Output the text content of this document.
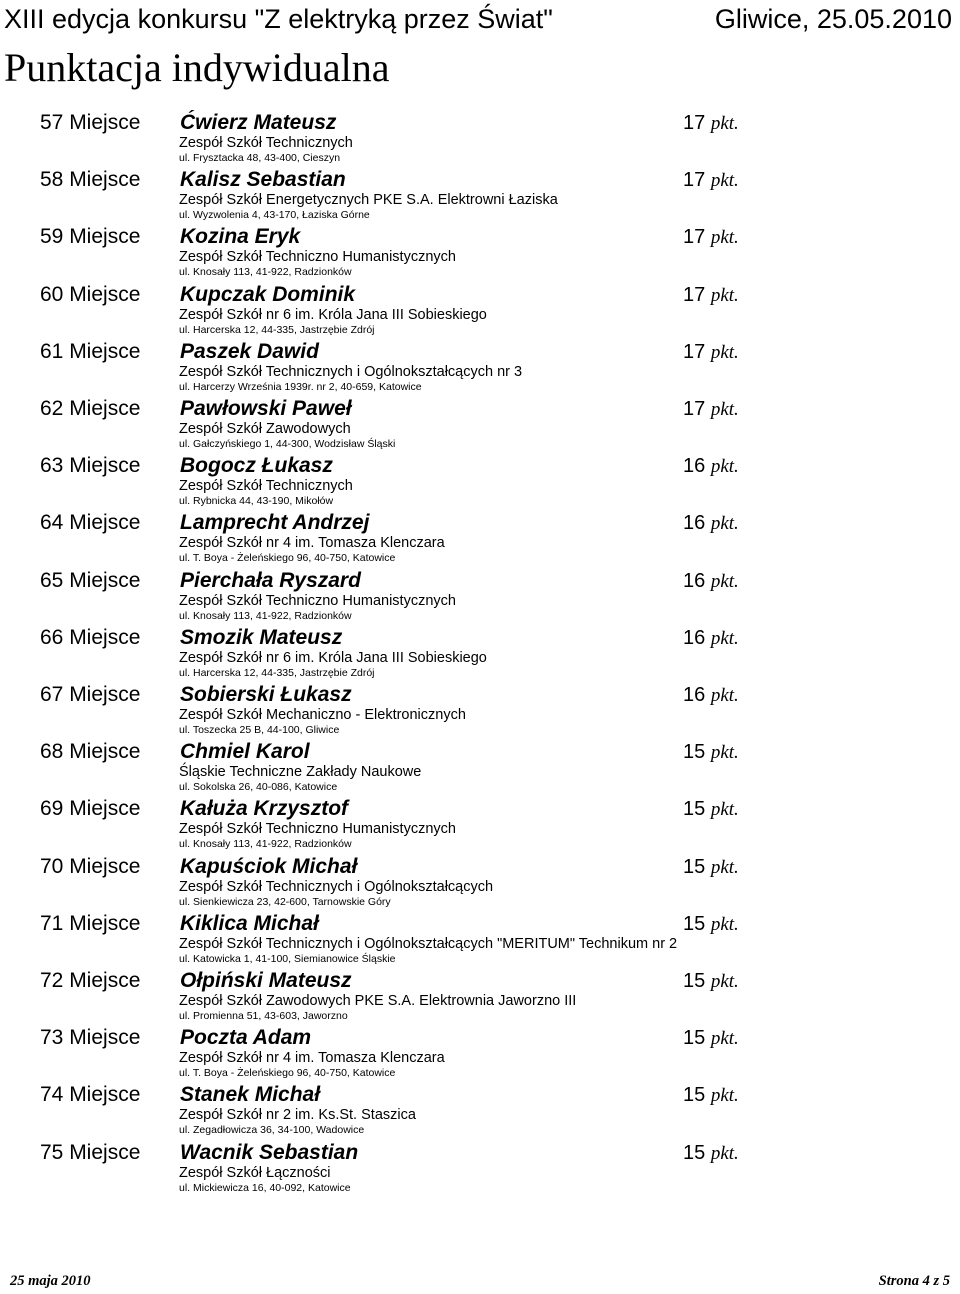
XIII edycja konkursu "Z elektryką przez Świat"	Gliwice, 25.05.2010
Punktacja indywidualna
57 Miejsce Ćwierz Mateusz	17 pkt.
Zespół Szkół Technicznych
ul. Frysztacka 48, 43-400, Cieszyn
58 Miejsce Kalisz Sebastian	17 pkt.
Zespół Szkół Energetycznych PKE S.A. Elektrowni Łaziska
ul. Wyzwolenia 4, 43-170, Łaziska Górne
59 Miejsce Kozina Eryk	17 pkt.
Zespół Szkół Techniczno Humanistycznych
ul. Knosały 113, 41-922, Radzionków
60 Miejsce Kupczak Dominik	17 pkt.
Zespół Szkół nr 6 im. Króla Jana III Sobieskiego
ul. Harcerska 12, 44-335, Jastrzębie Zdrój
61 Miejsce Paszek Dawid	17 pkt.
Zespół Szkół Technicznych i Ogólnokształcących nr 3
ul. Harcerzy Września 1939r. nr 2, 40-659, Katowice
62 Miejsce Pawłowski Paweł	17 pkt.
Zespół Szkół Zawodowych
ul. Gałczyńskiego 1, 44-300, Wodzisław Śląski
63 Miejsce Bogocz Łukasz	16 pkt.
Zespół Szkół Technicznych
ul. Rybnicka 44, 43-190, Mikołów
64 Miejsce Lamprecht Andrzej	16 pkt.
Zespół Szkół nr 4 im. Tomasza Klenczara
ul. T. Boya - Żeleńskiego 96, 40-750, Katowice
65 Miejsce Pierchała Ryszard	16 pkt.
Zespół Szkół Techniczno Humanistycznych
ul. Knosały 113, 41-922, Radzionków
66 Miejsce Smozik Mateusz	16 pkt.
Zespół Szkół nr 6 im. Króla Jana III Sobieskiego
ul. Harcerska 12, 44-335, Jastrzębie Zdrój
67 Miejsce Sobierski Łukasz	16 pkt.
Zespół Szkół Mechaniczno - Elektronicznych
ul. Toszecka 25 B, 44-100, Gliwice
68 Miejsce Chmiel Karol	15 pkt.
Śląskie Techniczne Zakłady Naukowe
ul. Sokolska 26, 40-086, Katowice
69 Miejsce Kałuża Krzysztof	15 pkt.
Zespół Szkół Techniczno Humanistycznych
ul. Knosały 113, 41-922, Radzionków
70 Miejsce Kapuściok Michał	15 pkt.
Zespół Szkół Technicznych i Ogólnokształcących
ul. Sienkiewicza 23, 42-600, Tarnowskie Góry
71 Miejsce Kiklica Michał	15 pkt.
Zespół Szkół Technicznych i Ogólnokształcących "MERITUM" Technikum nr 2
ul. Katowicka 1, 41-100, Siemianowice Śląskie
72 Miejsce Ołpiński Mateusz	15 pkt.
Zespół Szkół Zawodowych PKE S.A. Elektrownia Jaworzno III
ul. Promienna 51, 43-603, Jaworzno
73 Miejsce Poczta Adam	15 pkt.
Zespół Szkół nr 4 im. Tomasza Klenczara
ul. T. Boya - Żeleńskiego 96, 40-750, Katowice
74 Miejsce Stanek Michał	15 pkt.
Zespół Szkół nr 2 im. Ks.St. Staszica
ul. Zegadłowicza 36, 34-100, Wadowice
75 Miejsce Wacnik Sebastian	15 pkt.
Zespół Szkół Łączności
ul. Mickiewicza 16, 40-092, Katowice
25 maja 2010	Strona 4 z 5
